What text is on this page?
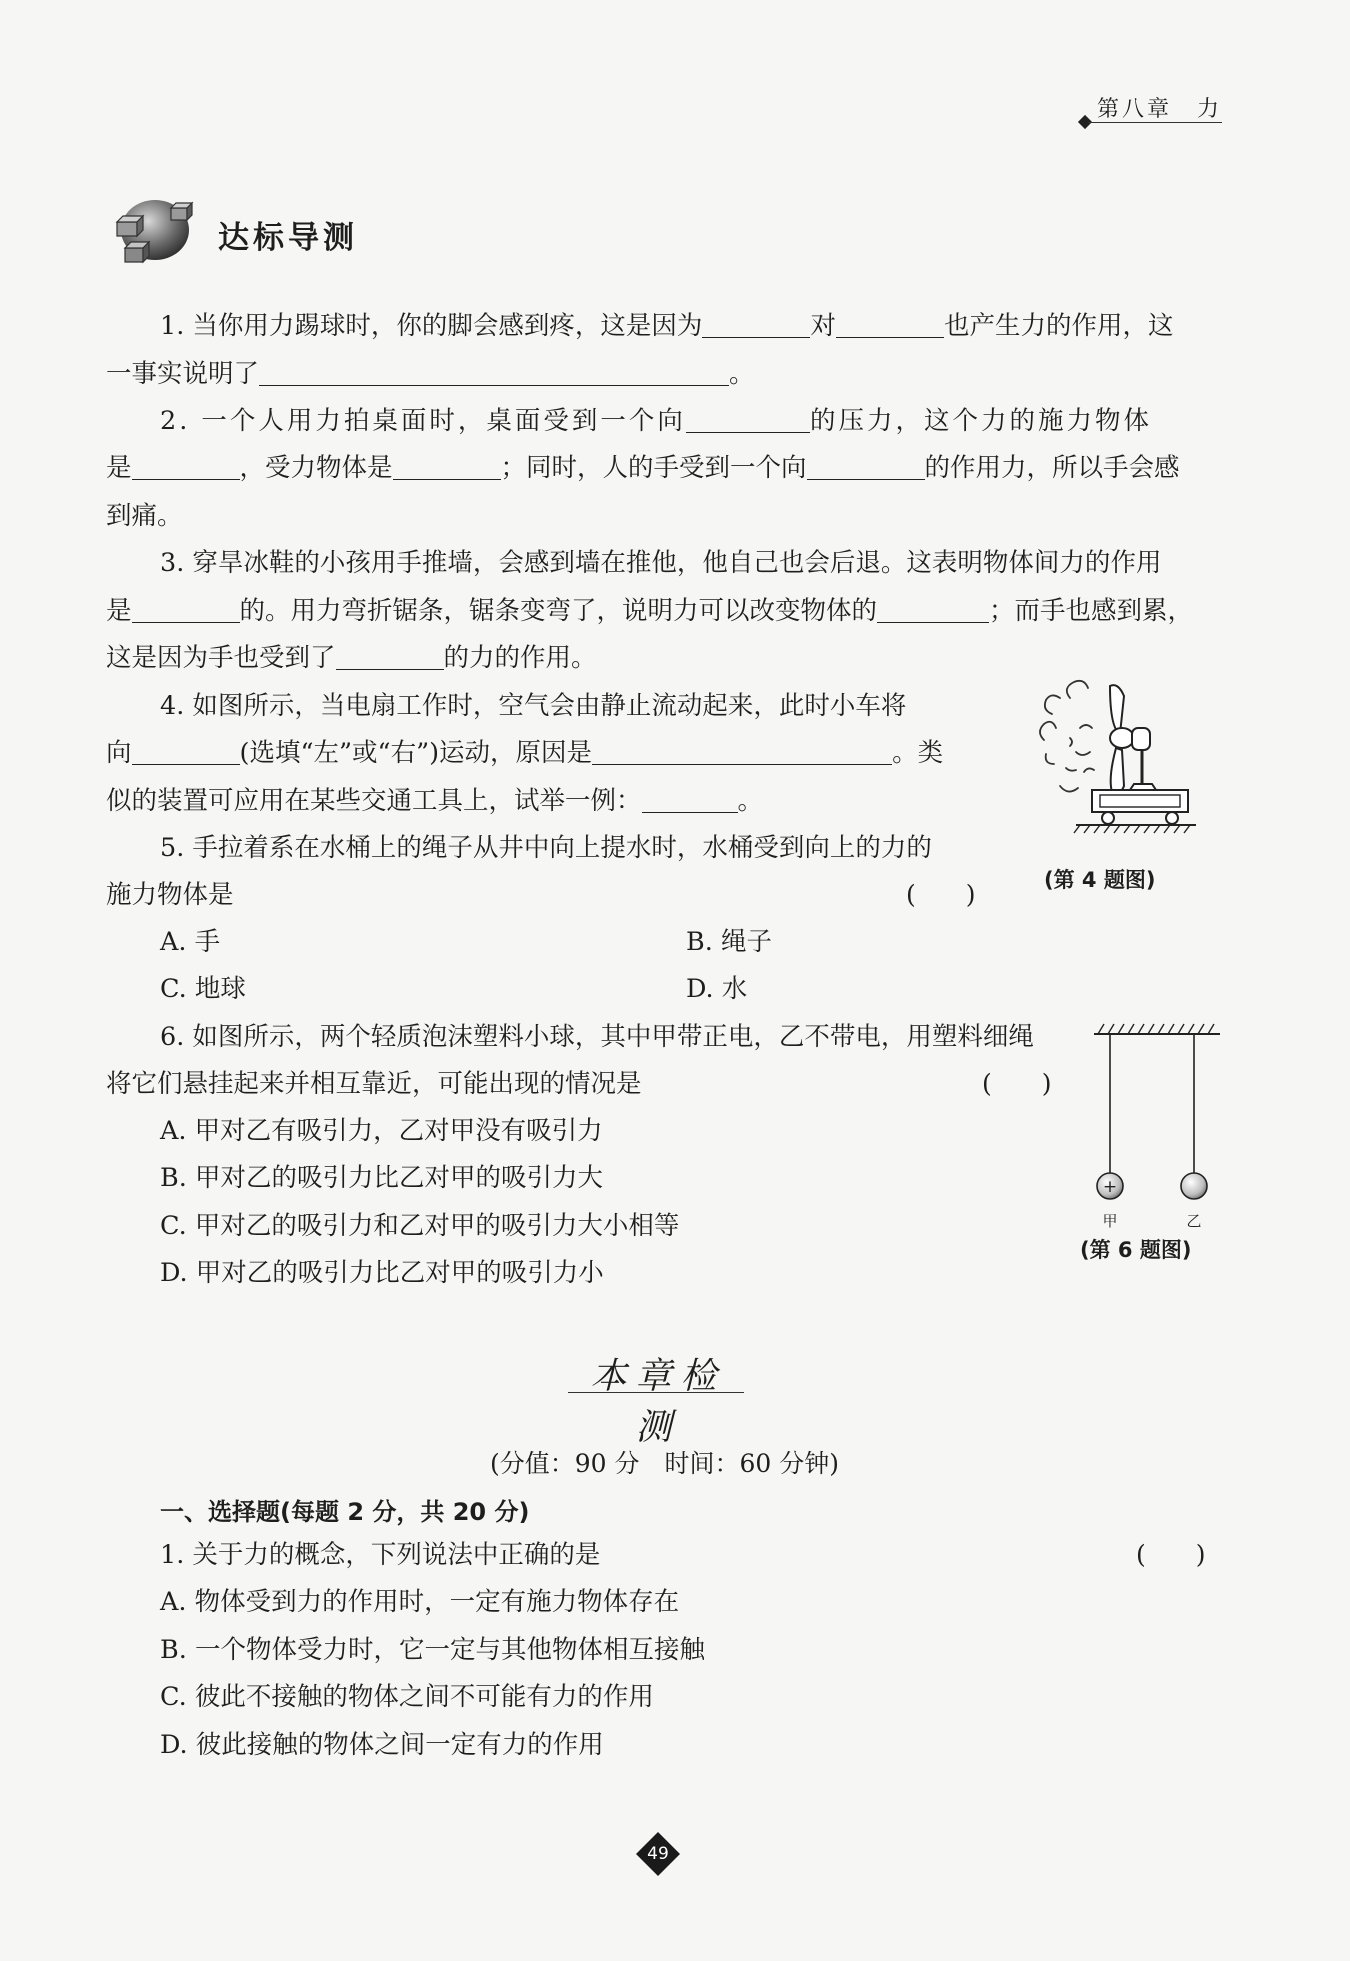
第八章　力
达标导测
1. 当你用力踢球时，你的脚会感到疼，这是因为	对	也产生力的作用，这
一事实说明了	。
2. 一个人用力拍桌面时，桌面受到一个向	的压力，这个力的施力物体
是	，受力物体是	；同时，人的手受到一个向	的作用力，所以手会感
到痛。
3. 穿旱冰鞋的小孩用手推墙，会感到墙在推他，他自己也会后退。这表明物体间力的作用
是	的。用力弯折锯条，锯条变弯了，说明力可以改变物体的	；而手也感到累，
这是因为手也受到了	的力的作用。
4. 如图所示，当电扇工作时，空气会由静止流动起来，此时小车将
向	(选填“左”或“右”)运动，原因是	。类
似的装置可应用在某些交通工具上，试举一例：	。
(第 4 题图)
5. 手拉着系在水桶上的绳子从井中向上提水时，水桶受到向上的力的
施力物体是	(　　)
A. 手	B. 绳子
C. 地球	D. 水
6. 如图所示，两个轻质泡沫塑料小球，其中甲带正电，乙不带电，用塑料细绳
将它们悬挂起来并相互靠近，可能出现的情况是	(　　)
A. 甲对乙有吸引力，乙对甲没有吸引力
B. 甲对乙的吸引力比乙对甲的吸引力大
C. 甲对乙的吸引力和乙对甲的吸引力大小相等
D. 甲对乙的吸引力比乙对甲的吸引力小
+
甲	乙
(第 6 题图)
本章检测
(分值：90 分　时间：60 分钟)
一、选择题(每题 2 分，共 20 分)
1. 关于力的概念，下列说法中正确的是	(　　)
A. 物体受到力的作用时，一定有施力物体存在
B. 一个物体受力时，它一定与其他物体相互接触
C. 彼此不接触的物体之间不可能有力的作用
D. 彼此接触的物体之间一定有力的作用
49
